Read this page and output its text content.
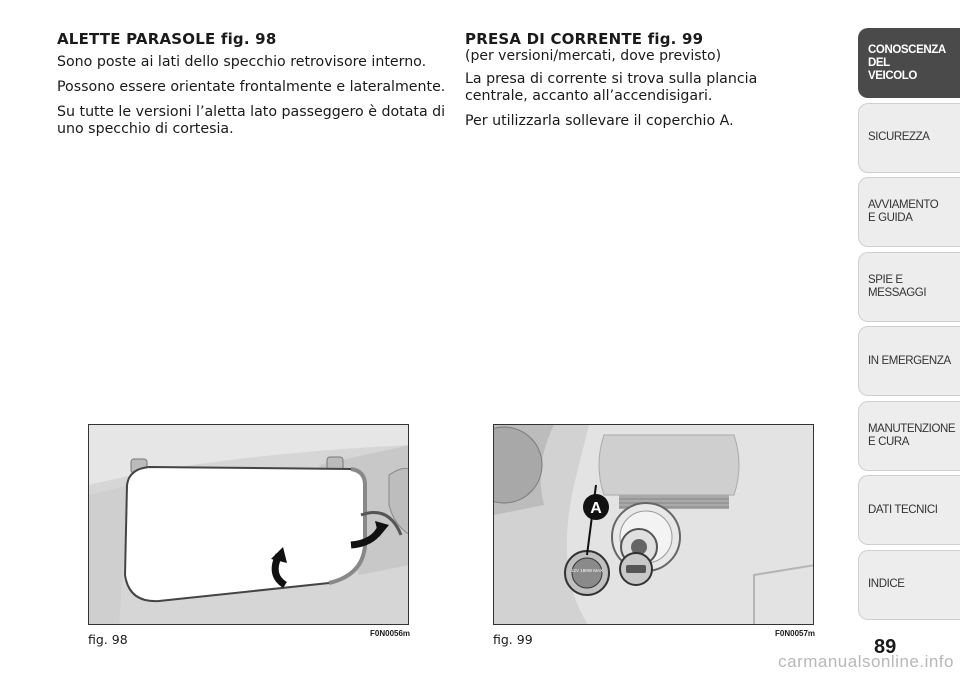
ALETTE PARASOLE fig. 98

Sono poste ai lati dello specchio retrovisore interno.

Possono essere orientate frontalmente e lateralmente.

Su tutte le versioni l’aletta lato passeggero è dotata di uno specchio di cortesia.

PRESA DI CORRENTE fig. 99
(per versioni/mercati, dove previsto)

La presa di corrente si trova sulla plancia centrale, accanto all’accendisigari.

Per utilizzarla sollevare il coperchio A.

fig. 98	F0N0056m
A
12V 180W MAX
fig. 99	F0N0057m
CONOSCENZA
DEL
VEICOLO
SICUREZZA
AVVIAMENTO
E GUIDA
SPIE E
MESSAGGI
IN EMERGENZA
MANUTENZIONE
E CURA
DATI TECNICI
INDICE
89
carmanualsonline.info
